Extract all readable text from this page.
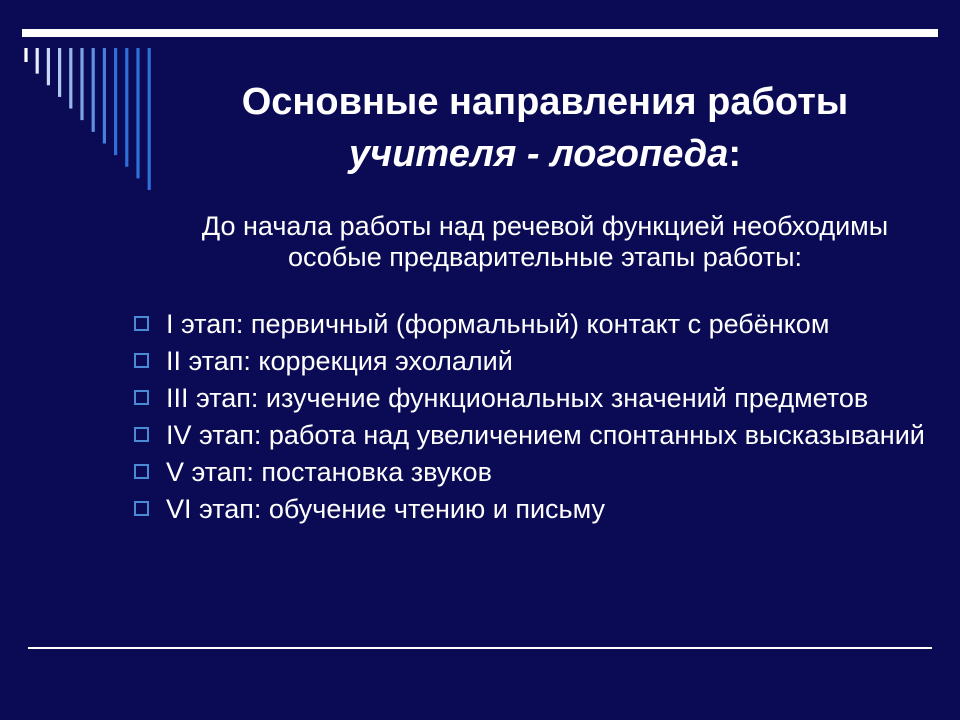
Основные направления работы
учителя - логопеда:
До начала работы над речевой функцией необходимы особые предварительные этапы работы:
I этап: первичный (формальный) контакт с ребёнком
II этап: коррекция эхолалий
III этап: изучение функциональных значений предметов
IV этап: работа над увеличением спонтанных высказываний
V этап: постановка звуков
VI этап: обучение чтению и письму
